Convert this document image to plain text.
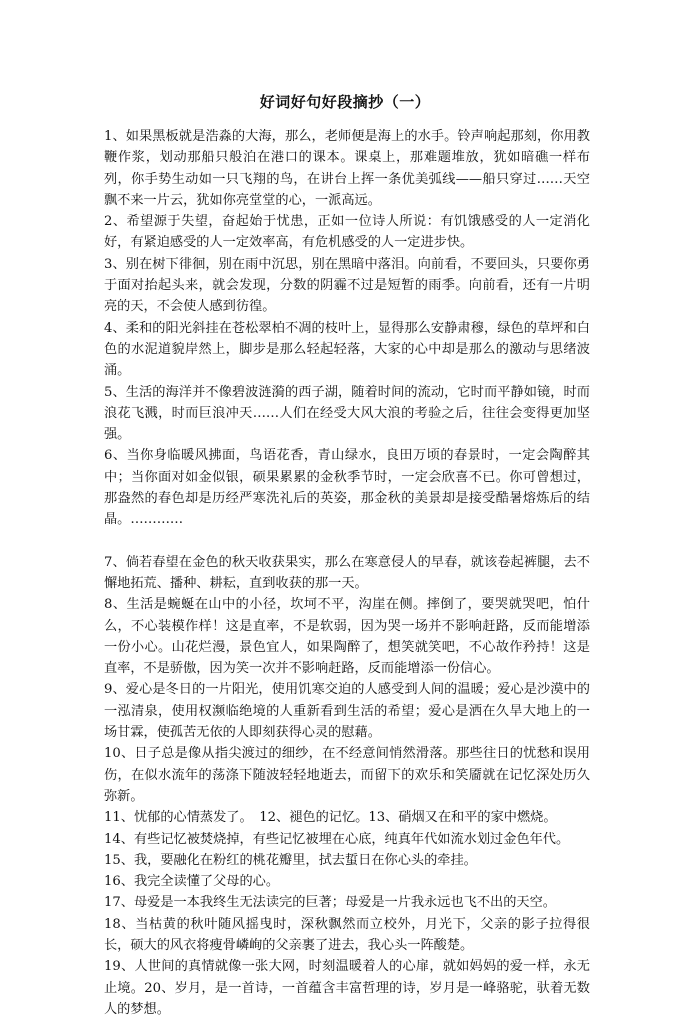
好词好句好段摘抄（一）

1、如果黑板就是浩淼的大海，那么，老师便是海上的水手。铃声响起那刻，你用教鞭作浆，划动那船只般泊在港口的课本。课桌上，那难题堆放，犹如暗礁一样布列，你手势生动如一只飞翔的鸟，在讲台上挥一条优美弧线——船只穿过……天空飘不来一片云，犹如你亮堂堂的心，一派高远。

2、希望源于失望，奋起始于忧患，正如一位诗人所说：有饥饿感受的人一定消化好，有紧迫感受的人一定效率高，有危机感受的人一定进步快。

3、别在树下徘徊，别在雨中沉思，别在黑暗中落泪。向前看，不要回头，只要你勇于面对抬起头来，就会发现，分数的阴霾不过是短暂的雨季。向前看，还有一片明亮的天，不会使人感到彷徨。

4、柔和的阳光斜挂在苍松翠柏不凋的枝叶上，显得那么安静肃穆，绿色的草坪和白色的水泥道貌岸然上，脚步是那么轻起轻落，大家的心中却是那么的激动与思绪波涌。

5、生活的海洋并不像碧波涟漪的西子湖，随着时间的流动，它时而平静如镜，时而浪花飞溅，时而巨浪冲天……人们在经受大风大浪的考验之后，往往会变得更加坚强。

6、当你身临暖风拂面，鸟语花香，青山绿水，良田万顷的春景时，一定会陶醉其中；当你面对如金似银，硕果累累的金秋季节时，一定会欣喜不已。你可曾想过，那盎然的春色却是历经严寒洗礼后的英姿，那金秋的美景却是接受酷暑熔炼后的结晶。…………

7、倘若春望在金色的秋天收获果实，那么在寒意侵人的早春，就该卷起裤腿，去不懈地拓荒、播种、耕耘，直到收获的那一天。

8、生活是蜿蜒在山中的小径，坎坷不平，沟崖在侧。摔倒了，要哭就哭吧，怕什么，不心装模作样！这是直率，不是软弱，因为哭一场并不影响赶路，反而能增添一份小心。山花烂漫，景色宜人，如果陶醉了，想笑就笑吧，不心故作矜持！这是直率，不是骄傲，因为笑一次并不影响赶路，反而能增添一份信心。

9、爱心是冬日的一片阳光，使用饥寒交迫的人感受到人间的温暖；爱心是沙漠中的一泓清泉，使用权濒临绝境的人重新看到生活的希望；爱心是洒在久旱大地上的一场甘霖，使孤苦无依的人即刻获得心灵的慰藉。

10、日子总是像从指尖渡过的细纱，在不经意间悄然滑落。那些往日的忧愁和误用伤，在似水流年的荡涤下随波轻轻地逝去，而留下的欢乐和笑靥就在记忆深处历久弥新。

11、忧郁的心情蒸发了。　12、褪色的记忆。13、硝烟又在和平的家中燃烧。

14、有些记忆被焚烧掉，有些记忆被埋在心底，纯真年代如流水划过金色年代。

15、我，要融化在粉红的桃花瓣里，拭去蜇日在你心头的牵挂。

16、我完全读懂了父母的心。

17、母爱是一本我终生无法读完的巨著；母爱是一片我永远也飞不出的天空。

18、当枯黄的秋叶随风摇曳时，深秋飘然而立校外，月光下，父亲的影子拉得很长，硕大的风衣将瘦骨嶙峋的父亲裹了进去，我心头一阵酸楚。

19、人世间的真情就像一张大网，时刻温暖着人的心扉，就如妈妈的爱一样，永无止境。20、岁月，是一首诗，一首蕴含丰富哲理的诗，岁月是一峰骆驼，驮着无数人的梦想。
